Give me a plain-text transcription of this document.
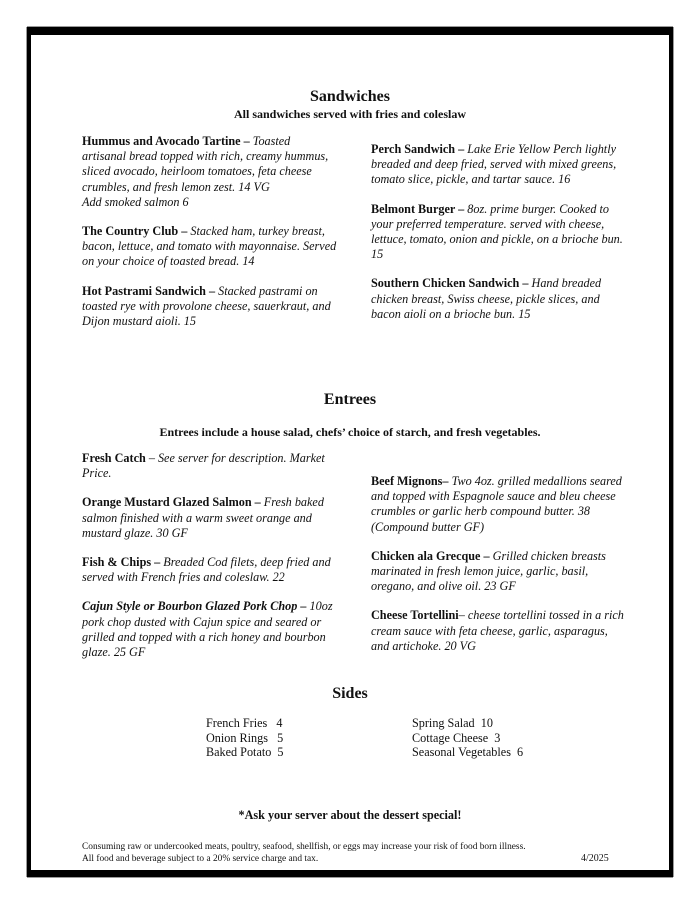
Sandwiches
All sandwiches served with fries and coleslaw
Hummus and Avocado Tartine – Toasted artisanal bread topped with rich, creamy hummus, sliced avocado, heirloom tomatoes, feta cheese crumbles, and fresh lemon zest. 14 VG
Add smoked salmon 6
The Country Club – Stacked ham, turkey breast, bacon, lettuce, and tomato with mayonnaise. Served on your choice of toasted bread. 14
Hot Pastrami Sandwich – Stacked pastrami on toasted rye with provolone cheese, sauerkraut, and Dijon mustard aioli. 15
Perch Sandwich – Lake Erie Yellow Perch lightly breaded and deep fried, served with mixed greens, tomato slice, pickle, and tartar sauce. 16
Belmont Burger – 8oz. prime burger. Cooked to your preferred temperature. served with cheese, lettuce, tomato, onion and pickle, on a brioche bun. 15
Southern Chicken Sandwich – Hand breaded chicken breast, Swiss cheese, pickle slices, and bacon aioli on a brioche bun. 15
Entrees
Entrees include a house salad, chefs’ choice of starch, and fresh vegetables.
Fresh Catch – See server for description. Market Price.
Orange Mustard Glazed Salmon – Fresh baked salmon finished with a warm sweet orange and mustard glaze. 30 GF
Fish & Chips – Breaded Cod filets, deep fried and served with French fries and coleslaw. 22
Cajun Style or Bourbon Glazed Pork Chop – 10oz pork chop dusted with Cajun spice and seared or grilled and topped with a rich honey and bourbon glaze. 25 GF
Beef Mignons– Two 4oz. grilled medallions seared and topped with Espagnole sauce and bleu cheese crumbles or garlic herb compound butter. 38
(Compound butter GF)
Chicken ala Grecque – Grilled chicken breasts marinated in fresh lemon juice, garlic, basil, oregano, and olive oil. 23 GF
Cheese Tortellini– cheese tortellini tossed in a rich cream sauce with feta cheese, garlic, asparagus, and artichoke. 20 VG
Sides
French Fries   4
Onion Rings   5
Baked Potato  5
Spring Salad  10
Cottage Cheese  3
Seasonal Vegetables  6
*Ask your server about the dessert special!
Consuming raw or undercooked meats, poultry, seafood, shellfish, or eggs may increase your risk of food born illness.
All food and beverage subject to a 20% service charge and tax.	4/2025
